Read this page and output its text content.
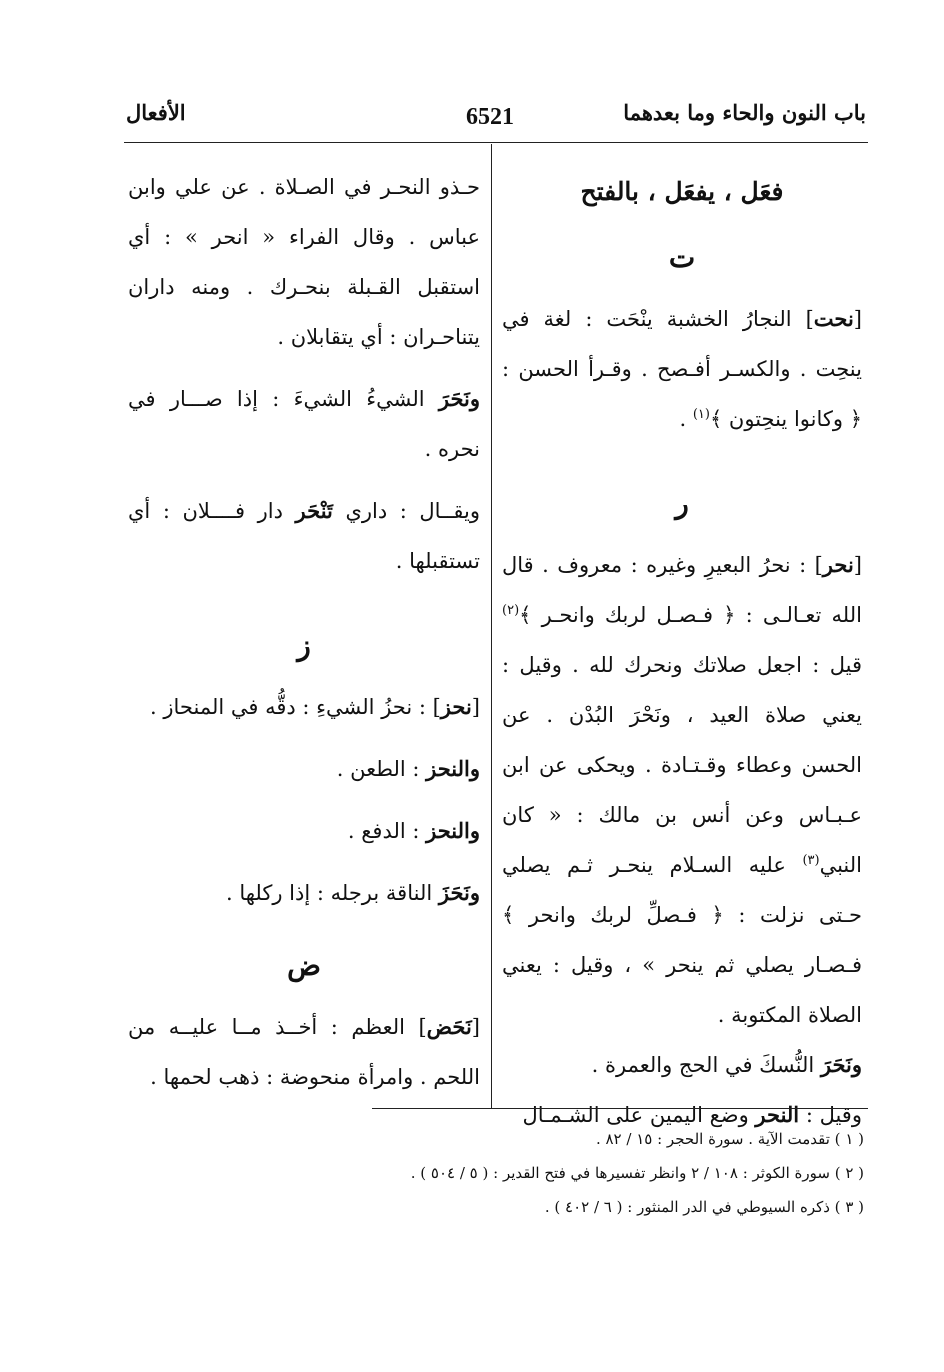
باب النون والحاء وما بعدهما
6521
الأفعال
فعَل ، يفعَل ، بالفتح
ت

[نحت] النجارُ الخشبة ينْحَت : لغة في ينحِت . والكسـر أفـصح . وقـرأ الحسن : ﴿ وكانوا ينحِتون ﴾$^{(١)}$ .

ر

[نحر] : نحرُ البعيرِ وغيره : معروف . قال الله تعـالـى : ﴿ فـصـل لربك وانحـر ﴾$^{(٢)}$ قيل : اجعل صلاتك ونحرك لله . وقيل : يعني صلاة العيد ، ونَحْرَ البُدْن . عن الحسن وعطاء وقـتـادة . ويحكى عن ابن عـبـاس وعن أنس بن مالك : « كان النبي$^{(٣)}$ عليه السـلام ينحـر ثـم يصلي حـتى نزلت : ﴿ فـصلِّ لربك وانحر ﴾ فـصـار يصلي ثم ينحر » ، وقيل : يعني الصلاة المكتوبة .

ونَحَرَ النُّسكَ في الحج والعمرة .

وقيل : النحر وضع اليمين على الشـمـال

حـذو النحـر في الصـلاة . عن علي وابن عباس . وقال الفراء « انحر » : أي استقبل القـبلة بنحـرك . ومنه داران يتناحـران : أي يتقابلان .

ونَحَرَ الشيءُ الشيءَ : إذا صـــار في نحره .

ويقــال : داري تَنْحَر دار فــــلان : أي تستقبلها .

ز

[نحز] : نحزُ الشيءِ : دقُّه في المنحاز .

والنحز : الطعن .

والنحز : الدفع .

ونَحَزَ الناقة برجله : إذا ركلها .

ض

[نَحَض] العظم : أخــذ مــا عليــه من اللحم . وامرأة منحوضة : ذهب لحمها .

( ١ ) تقدمت الآية . سورة الحجر : ١٥ / ٨٢ .
( ٢ ) سورة الكوثر : ١٠٨ / ٢ وانظر تفسيرها في فتح القدير : ( ٥ / ٥٠٤ ) .
( ٣ ) ذكره السيوطي في الدر المنثور : ( ٦ / ٤٠٢ ) .
